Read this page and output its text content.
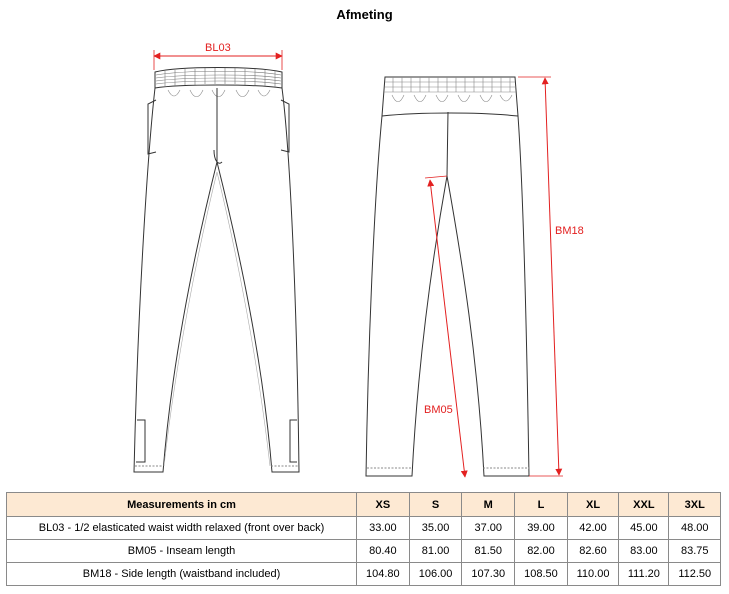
Afmeting
BL03
BM18
BM05
Measurements in cm	XS	S	M	L	XL	XXL	3XL
BL03 - 1/2 elasticated waist width relaxed (front over back)	33.00	35.00	37.00	39.00	42.00	45.00	48.00
BM05 - Inseam length	80.40	81.00	81.50	82.00	82.60	83.00	83.75
BM18 - Side length (waistband included)	104.80	106.00	107.30	108.50	110.00	111.20	112.50
